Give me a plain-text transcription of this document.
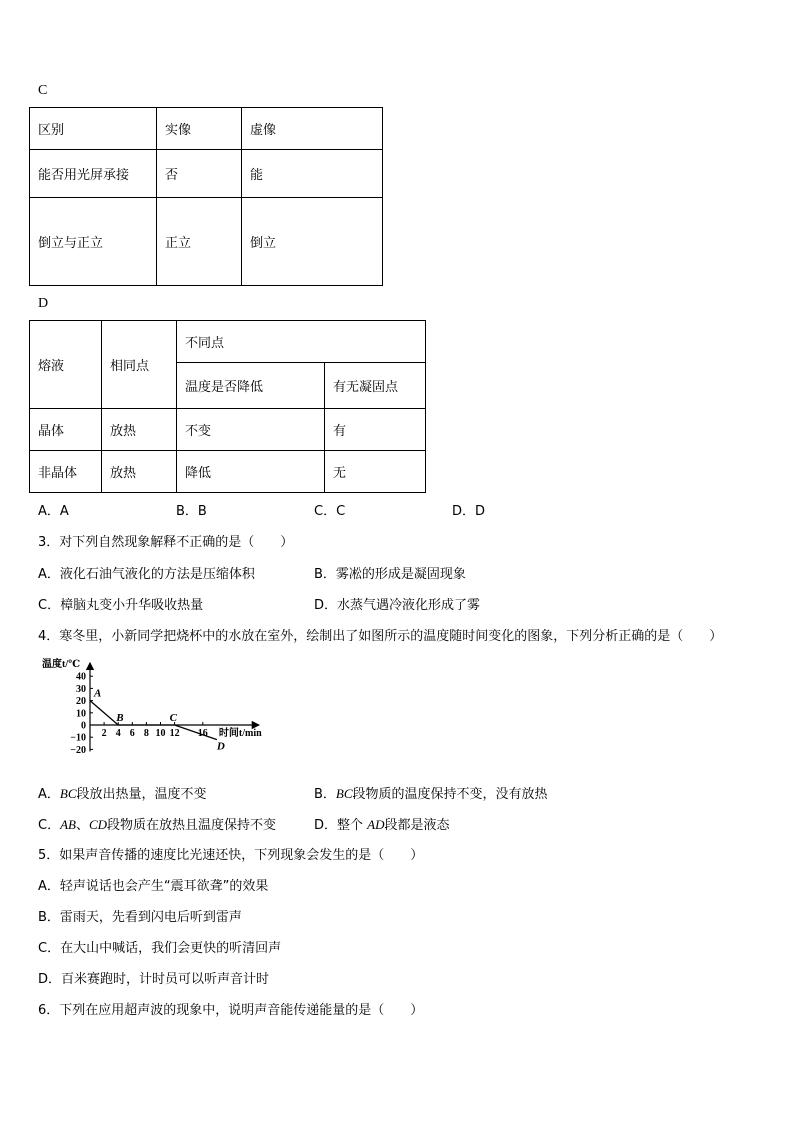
C
区别	实像	虚像
能否用光屏承接	否	能
倒立与正立	正立	倒立
D
熔液	相同点	不同点	
		温度是否降低	有无凝固点
晶体	放热	不变	有
非晶体	放热	降低	无
A．A	B．B	C．C	D．D
3．对下列自然现象解释不正确的是（　　）
A．液化石油气液化的方法是压缩体积	B．雾凇的形成是凝固现象
C．樟脑丸变小升华吸收热量	D．水蒸气遇冷液化形成了雾
4．寒冬里，小新同学把烧杯中的水放在室外，绘制出了如图所示的温度随时间变化的图象，下列分析正确的是（　　）
40
30
20
10
0
−10
−20
2 4 6 8 10 12 16
温度t/℃
时间t/min
A
B	C
D
A．BC段放出热量，温度不变	B．BC段物质的温度保持不变，没有放热
C．AB、CD段物质在放热且温度保持不变	D．整个 AD段都是液态
5．如果声音传播的速度比光速还快，下列现象会发生的是（　　）
A．轻声说话也会产生“震耳欲聋”的效果
B．雷雨天，先看到闪电后听到雷声
C．在大山中喊话，我们会更快的听清回声
D．百米赛跑时，计时员可以听声音计时
6．下列在应用超声波的现象中，说明声音能传递能量的是（　　）
